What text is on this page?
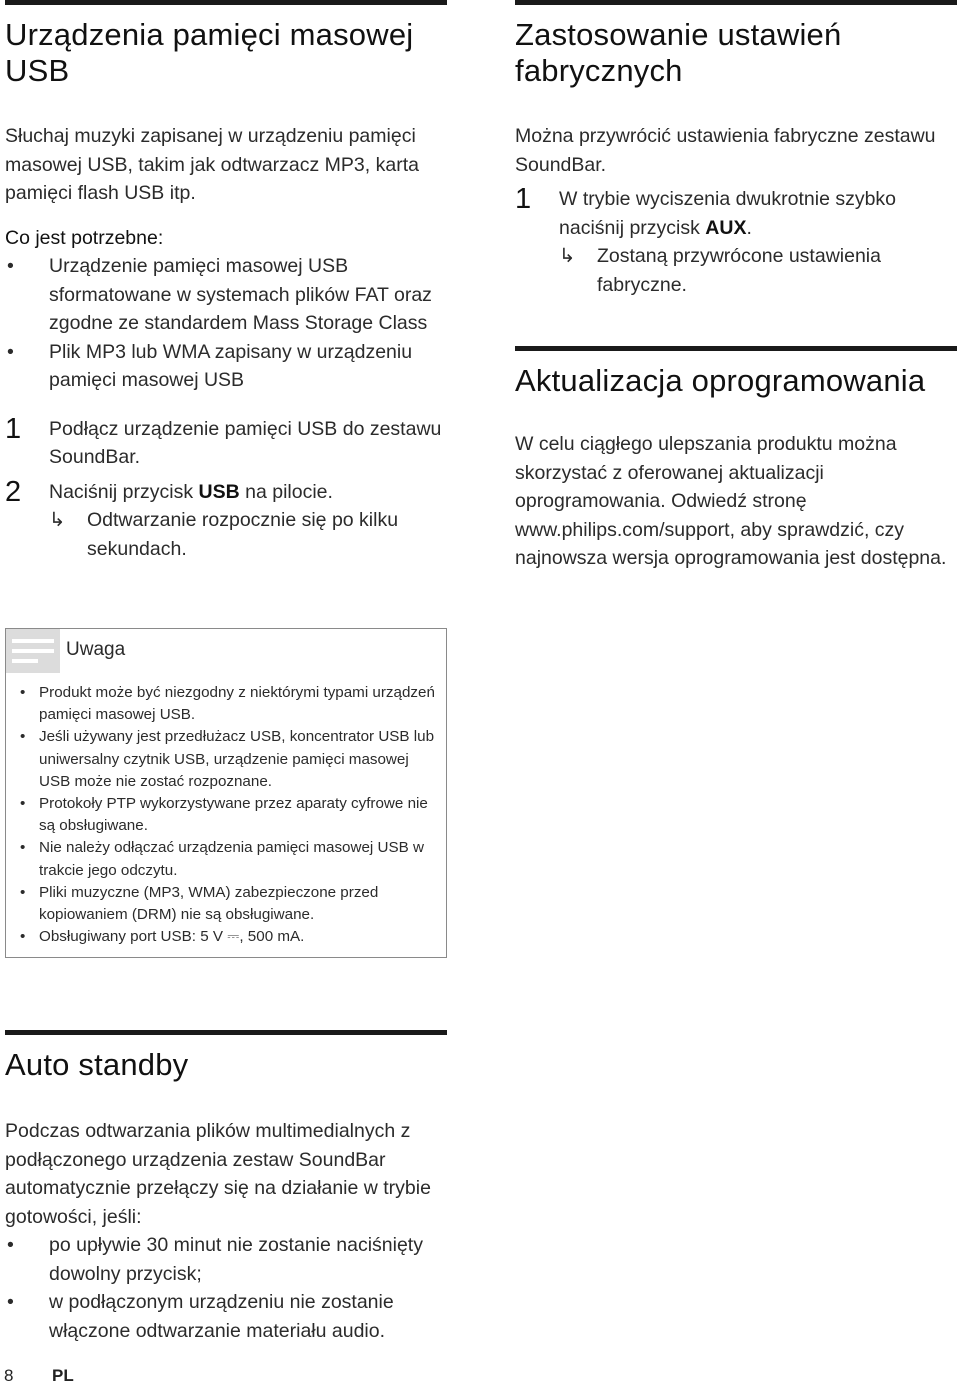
Urządzenia pamięci masowej USB

Słuchaj muzyki zapisanej w urządzeniu pamięci masowej USB, takim jak odtwarzacz MP3, karta pamięci flash USB itp.

Co jest potrzebne:

• Urządzenie pamięci masowej USB sformatowane w systemach plików FAT oraz zgodne ze standardem Mass Storage Class
• Plik MP3 lub WMA zapisany w urządzeniu pamięci masowej USB
1 Podłącz urządzenie pamięci USB do zestawu SoundBar.
2 Naciśnij przycisk USB na pilocie.
↳ Odtwarzanie rozpocznie się po kilku sekundach.
Uwaga
• Produkt może być niezgodny z niektórymi typami urządzeń pamięci masowej USB.
• Jeśli używany jest przedłużacz USB, koncentrator USB lub uniwersalny czytnik USB, urządzenie pamięci masowej USB może nie zostać rozpoznane.
• Protokoły PTP wykorzystywane przez aparaty cyfrowe nie są obsługiwane.
• Nie należy odłączać urządzenia pamięci masowej USB w trakcie jego odczytu.
• Pliki muzyczne (MP3, WMA) zabezpieczone przed kopiowaniem (DRM) nie są obsługiwane.
• Obsługiwany port USB: 5 V ⎓, 500 mA.
Zastosowanie ustawień fabrycznych

Można przywrócić ustawienia fabryczne zestawu SoundBar.

1 W trybie wyciszenia dwukrotnie szybko naciśnij przycisk AUX.
↳ Zostaną przywrócone ustawienia fabryczne.
Aktualizacja oprogramowania

W celu ciągłego ulepszania produktu można skorzystać z oferowanej aktualizacji oprogramowania. Odwiedź stronę www.philips.com/support, aby sprawdzić, czy najnowsza wersja oprogramowania jest dostępna.

Auto standby

Podczas odtwarzania plików multimedialnych z podłączonego urządzenia zestaw SoundBar automatycznie przełączy się na działanie w trybie gotowości, jeśli:

• po upływie 30 minut nie zostanie naciśnięty dowolny przycisk;
• w podłączonym urządzeniu nie zostanie włączone odtwarzanie materiału audio.
8 PL
